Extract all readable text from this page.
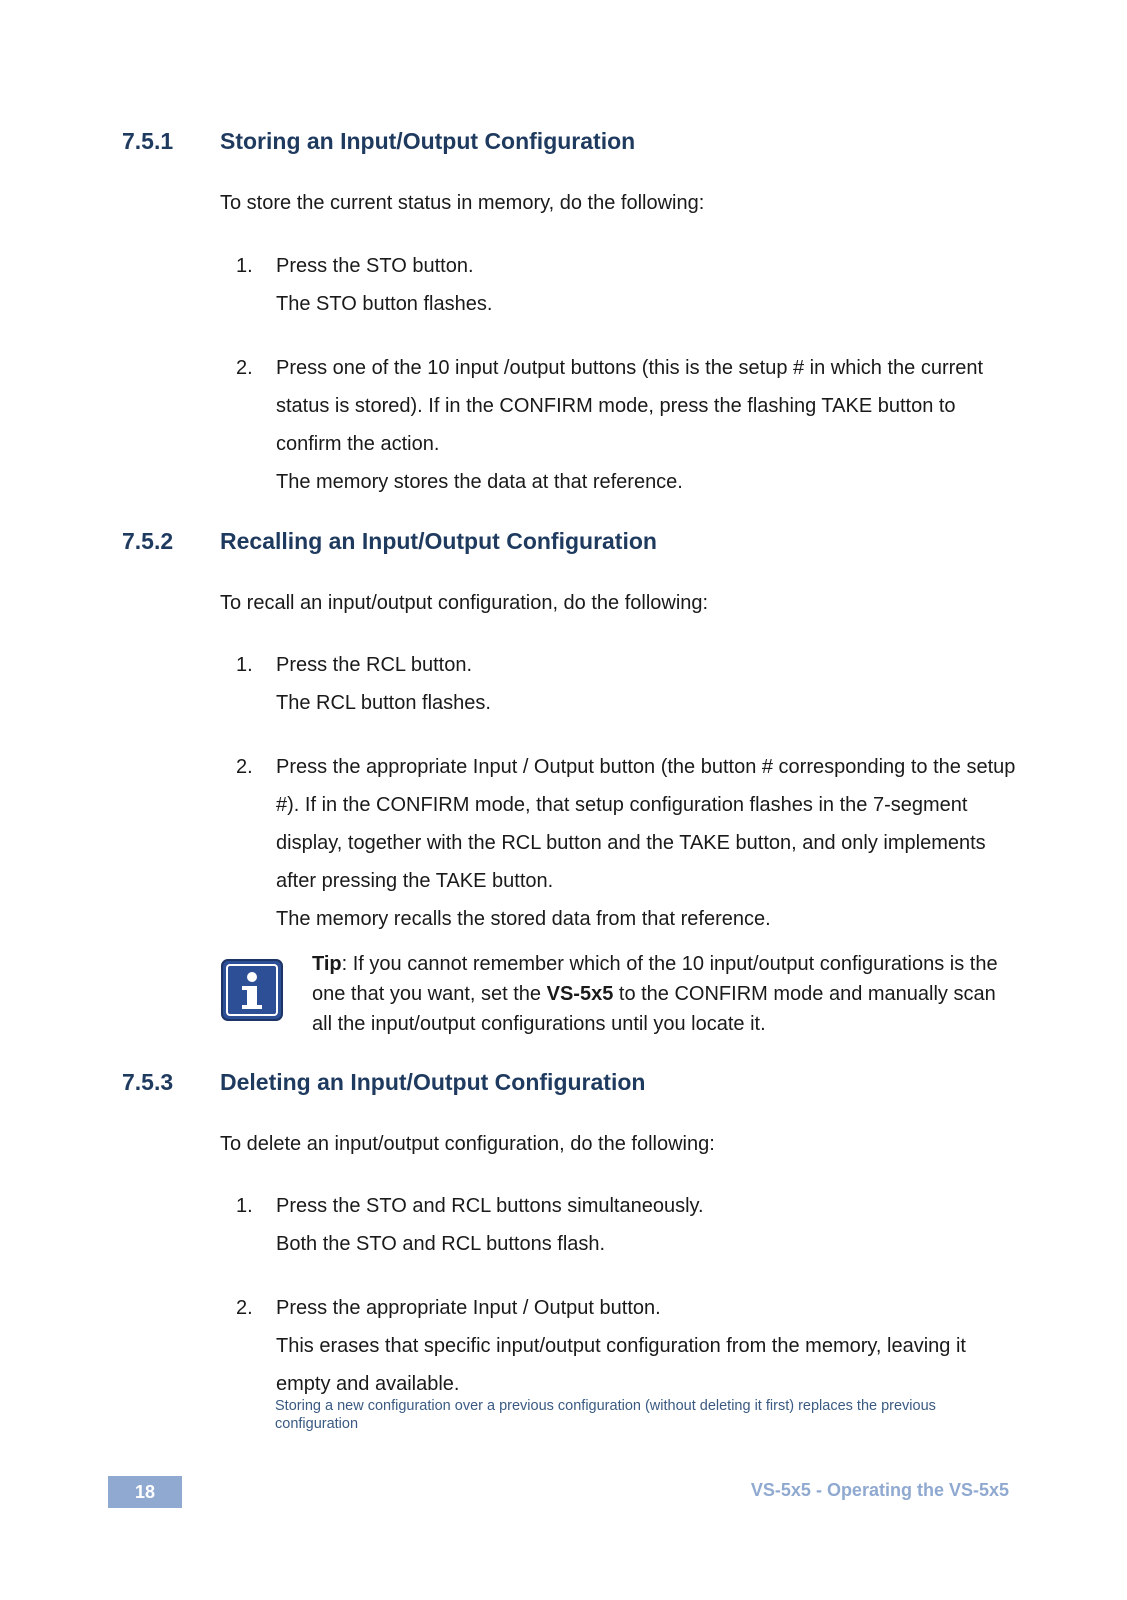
7.5.1 Storing an Input/Output Configuration
To store the current status in memory, do the following:
1. Press the STO button.

The STO button flashes.

2. Press one of the 10 input /output buttons (this is the setup # in which the current status is stored). If in the CONFIRM mode, press the flashing TAKE button to confirm the action.

The memory stores the data at that reference.

7.5.2 Recalling an Input/Output Configuration
To recall an input/output configuration, do the following:
1. Press the RCL button.

The RCL button flashes.

2. Press the appropriate Input / Output button (the button # corresponding to the setup #). If in the CONFIRM mode, that setup configuration flashes in the 7-segment display, together with the RCL button and the TAKE button, and only implements after pressing the TAKE button.

The memory recalls the stored data from that reference.

Tip: If you cannot remember which of the 10 input/output configurations is the one that you want, set the VS-5x5 to the CONFIRM mode and manually scan all the input/output configurations until you locate it.
7.5.3 Deleting an Input/Output Configuration
To delete an input/output configuration, do the following:
1. Press the STO and RCL buttons simultaneously.

Both the STO and RCL buttons flash.

2. Press the appropriate Input / Output button.

This erases that specific input/output configuration from the memory, leaving it empty and available.

Storing a new configuration over a previous configuration (without deleting it first) replaces the previous configuration
18	VS-5x5 - Operating the VS-5x5
